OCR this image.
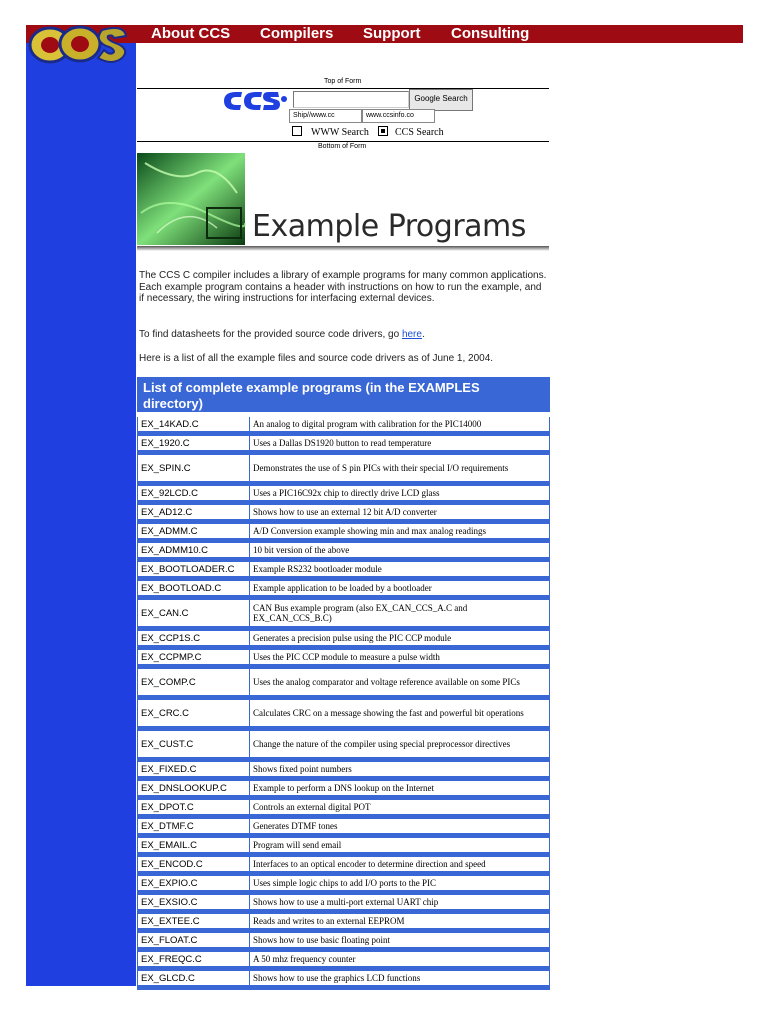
About CCS Compilers Support Consulting
Top of Form
Google Search
Ship//www.cc	www.ccsinfo.co
WWW Search	CCS Search
Bottom of Form
Example Programs
The CCS C compiler includes a library of example programs for many common applications. Each example program contains a header with instructions on how to run the example, and if necessary, the wiring instructions for interfacing external devices.
To find datasheets for the provided source code drivers, go here.
Here is a list of all the example files and source code drivers as of June 1, 2004.
List of complete example programs (in the EXAMPLES
directory)
EX_14KAD.C	An analog to digital program with calibration for the PIC14000
EX_1920.C	Uses a Dallas DS1920 button to read temperature
EX_SPIN.C	Demonstrates the use of S pin PICs with their special I/O requirements
EX_92LCD.C	Uses a PIC16C92x chip to directly drive LCD glass
EX_AD12.C	Shows how to use an external 12 bit A/D converter
EX_ADMM.C	A/D Conversion example showing min and max analog readings
EX_ADMM10.C	10 bit version of the above
EX_BOOTLOADER.C	Example RS232 bootloader module
EX_BOOTLOAD.C	Example application to be loaded by a bootloader
EX_CAN.C	CAN Bus example program (also EX_CAN_CCS_A.C and EX_CAN_CCS_B.C)
EX_CCP1S.C	Generates a precision pulse using the PIC CCP module
EX_CCPMP.C	Uses the PIC CCP module to measure a pulse width
EX_COMP.C	Uses the analog comparator and voltage reference available on some PICs
EX_CRC.C	Calculates CRC on a message showing the fast and powerful bit operations
EX_CUST.C	Change the nature of the compiler using special preprocessor directives
EX_FIXED.C	Shows fixed point numbers
EX_DNSLOOKUP.C	Example to perform a DNS lookup on the Internet
EX_DPOT.C	Controls an external digital POT
EX_DTMF.C	Generates DTMF tones
EX_EMAIL.C	Program will send email
EX_ENCOD.C	Interfaces to an optical encoder to determine direction and speed
EX_EXPIO.C	Uses simple logic chips to add I/O ports to the PIC
EX_EXSIO.C	Shows how to use a multi-port external UART chip
EX_EXTEE.C	Reads and writes to an external EEPROM
EX_FLOAT.C	Shows how to use basic floating point
EX_FREQC.C	A 50 mhz frequency counter
EX_GLCD.C	Shows how to use the graphics LCD functions
